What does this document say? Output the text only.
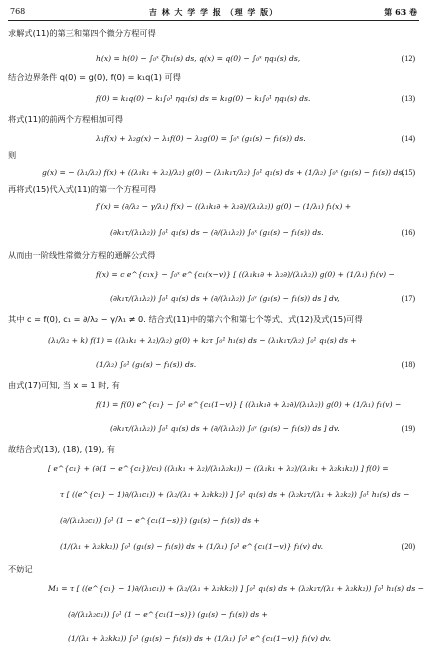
768	吉 林 大 学 学 报 （理 学 版）	第 63 卷
求解式(11)的第三和第四个微分方程可得
h(x) = h(0) − ∫₀ˣ ζh₁(s) ds, q(x) = q(0) − ∫₀ˣ ηq₁(s) ds,	(12)
结合边界条件 q(0) = g(0), f(0) = k₁q(1) 可得
f(0) = k₁q(0) − k₁∫₀¹ ηq₁(s) ds = k₁g(0) − k₁∫₀¹ ηq₁(s) ds.	(13)
将式(11)的前两个方程相加可得
λ₁f(x) + λ₂g(x) − λ₁f(0) − λ₂g(0) = ∫₀ˣ (g₁(s) − f₁(s)) ds.	(14)
则
g(x) = − (λ₁/λ₂) f(x) + ((λ₁k₁ + λ₂)/λ₂) g(0) − (λ₁k₁τ/λ₂) ∫₀¹ q₁(s) ds + (1/λ₂) ∫₀ˣ (g₁(s) − f₁(s)) ds.
(15)
再将式(15)代入式(11)的第一个方程可得
f′(x) = (∂/λ₂ − γ/λ₁) f(x) − ((λ₁k₁∂ + λ₂∂)/(λ₁λ₂)) g(0) − (1/λ₁) f₁(x) +
(∂k₁τ/(λ₁λ₂)) ∫₀¹ q₁(s) ds − (∂/(λ₁λ₂)) ∫₀ˣ (g₁(s) − f₁(s)) ds.	(16)
从而由一阶线性常微分方程的通解公式得
f(x) = c e^{c₁x} − ∫₀ˣ e^{c₁(x−v)} [ ((λ₁k₁∂ + λ₂∂)/(λ₁λ₂)) g(0) + (1/λ₁) f₁(v) −
(∂k₁τ/(λ₁λ₂)) ∫₀¹ q₁(s) ds + (∂/(λ₁λ₂)) ∫₀ᵛ (g₁(s) − f₁(s)) ds ] dv,	(17)
其中 c = f(0), c₁ = ∂/λ₂ − γ/λ₁ ≠ 0. 结合式(11)中的第六个和第七个等式、式(12)及式(15)可得
(λ₁/λ₂ + k) f(1) = ((λ₁k₁ + λ₂)/λ₂) g(0) + k₂τ ∫₀¹ h₁(s) ds − (λ₁k₁τ/λ₂) ∫₀¹ q₁(s) ds +
(1/λ₂) ∫₀¹ (g₁(s) − f₁(s)) ds.	(18)
由式(17)可知, 当 x = 1 时, 有
f(1) = f(0) e^{c₁} − ∫₀¹ e^{c₁(1−v)} [ ((λ₁k₁∂ + λ₂∂)/(λ₁λ₂)) g(0) + (1/λ₁) f₁(v) −
(∂k₁τ/(λ₁λ₂)) ∫₀¹ q₁(s) ds + (∂/(λ₁λ₂)) ∫₀ᵛ (g₁(s) − f₁(s)) ds ] dv.	(19)
故结合式(13), (18), (19), 有
[ e^{c₁} + (∂(1 − e^{c₁})/c₁) ((λ₁k₁ + λ₂)/(λ₁λ₂k₁)) − ((λ₁k₁ + λ₂)/(λ₁k₁ + λ₂k₁k₂)) ] f(0) =
τ [ ((e^{c₁} − 1)∂/(λ₁c₁)) + (λ₂/(λ₁ + λ₂kk₂)) ] ∫₀¹ q₁(s) ds + (λ₂k₂τ/(λ₁ + λ₂k₂)) ∫₀¹ h₁(s) ds −
(∂/(λ₁λ₂c₁)) ∫₀¹ (1 − e^{c₁(1−s)}) (g₁(s) − f₁(s)) ds +
(1/(λ₁ + λ₂kk₂)) ∫₀¹ (g₁(s) − f₁(s)) ds + (1/λ₁) ∫₀¹ e^{c₁(1−v)} f₁(v) dv.	(20)
不妨记
M₁ = τ [ ((e^{c₁} − 1)∂/(λ₁c₁)) + (λ₂/(λ₁ + λ₂kk₂)) ] ∫₀¹ q₁(s) ds + (λ₂k₂τ/(λ₁ + λ₂kk₂)) ∫₀¹ h₁(s) ds −
(∂/(λ₁λ₂c₁)) ∫₀¹ (1 − e^{c₁(1−s)}) (g₁(s) − f₁(s)) ds +
(1/(λ₁ + λ₂kk₂)) ∫₀¹ (g₁(s) − f₁(s)) ds + (1/λ₁) ∫₀¹ e^{c₁(1−v)} f₁(v) dv.
